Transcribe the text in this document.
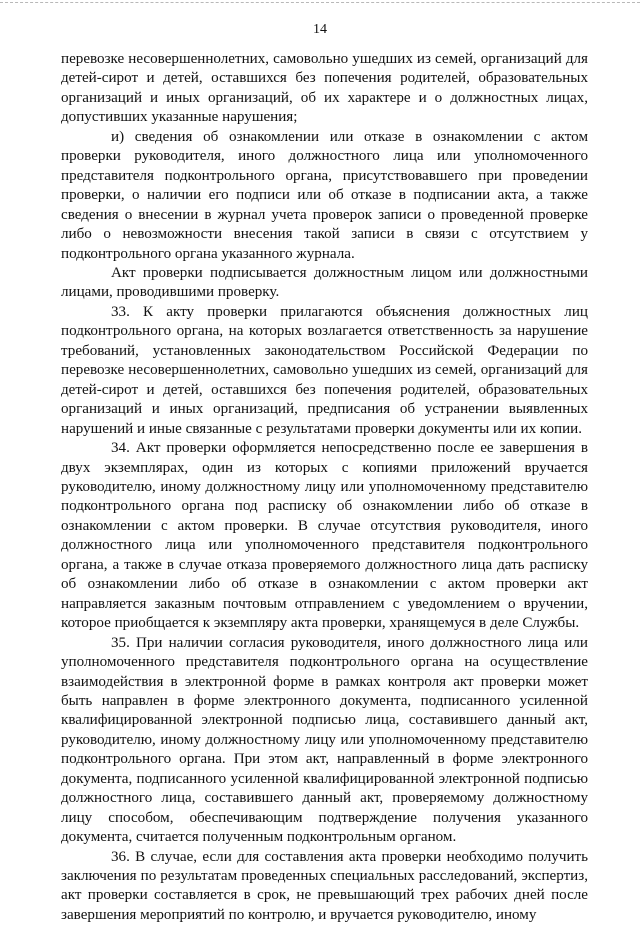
14

перевозке несовершеннолетних, самовольно ушедших из семей, организаций для детей-сирот и детей, оставшихся без попечения родителей, образовательных организаций и иных организаций, об их характере и о должностных лицах, допустивших указанные нарушения;

и) сведения об ознакомлении или отказе в ознакомлении с актом проверки руководителя, иного должностного лица или уполномоченного представителя подконтрольного органа, присутствовавшего при проведении проверки, о наличии его подписи или об отказе в подписании акта, а также сведения о внесении в журнал учета проверок записи о проведенной проверке либо о невозможности внесения такой записи в связи с отсутствием у подконтрольного органа указанного журнала.

Акт проверки подписывается должностным лицом или должностными лицами, проводившими проверку.

33. К акту проверки прилагаются объяснения должностных лиц подконтрольного органа, на которых возлагается ответственность за нарушение требований, установленных законодательством Российской Федерации по перевозке несовершеннолетних, самовольно ушедших из семей, организаций для детей-сирот и детей, оставшихся без попечения родителей, образовательных организаций и иных организаций, предписания об устранении выявленных нарушений и иные связанные с результатами проверки документы или их копии.

34. Акт проверки оформляется непосредственно после ее завершения в двух экземплярах, один из которых с копиями приложений вручается руководителю, иному должностному лицу или уполномоченному представителю подконтрольного органа под расписку об ознакомлении либо об отказе в ознакомлении с актом проверки. В случае отсутствия руководителя, иного должностного лица или уполномоченного представителя подконтрольного органа, а также в случае отказа проверяемого должностного лица дать расписку об ознакомлении либо об отказе в ознакомлении с актом проверки акт направляется заказным почтовым отправлением с уведомлением о вручении, которое приобщается к экземпляру акта проверки, хранящемуся в деле Службы.

35. При наличии согласия руководителя, иного должностного лица или уполномоченного представителя подконтрольного органа на осуществление взаимодействия в электронной форме в рамках контроля акт проверки может быть направлен в форме электронного документа, подписанного усиленной квалифицированной электронной подписью лица, составившего данный акт, руководителю, иному должностному лицу или уполномоченному представителю подконтрольного органа. При этом акт, направленный в форме электронного документа, подписанного усиленной квалифицированной электронной подписью должностного лица, составившего данный акт, проверяемому должностному лицу способом, обеспечивающим подтверждение получения указанного документа, считается полученным подконтрольным органом.

36. В случае, если для составления акта проверки необходимо получить заключения по результатам проведенных специальных расследований, экспертиз, акт проверки составляется в срок, не превышающий трех рабочих дней после завершения мероприятий по контролю, и вручается руководителю, иному
